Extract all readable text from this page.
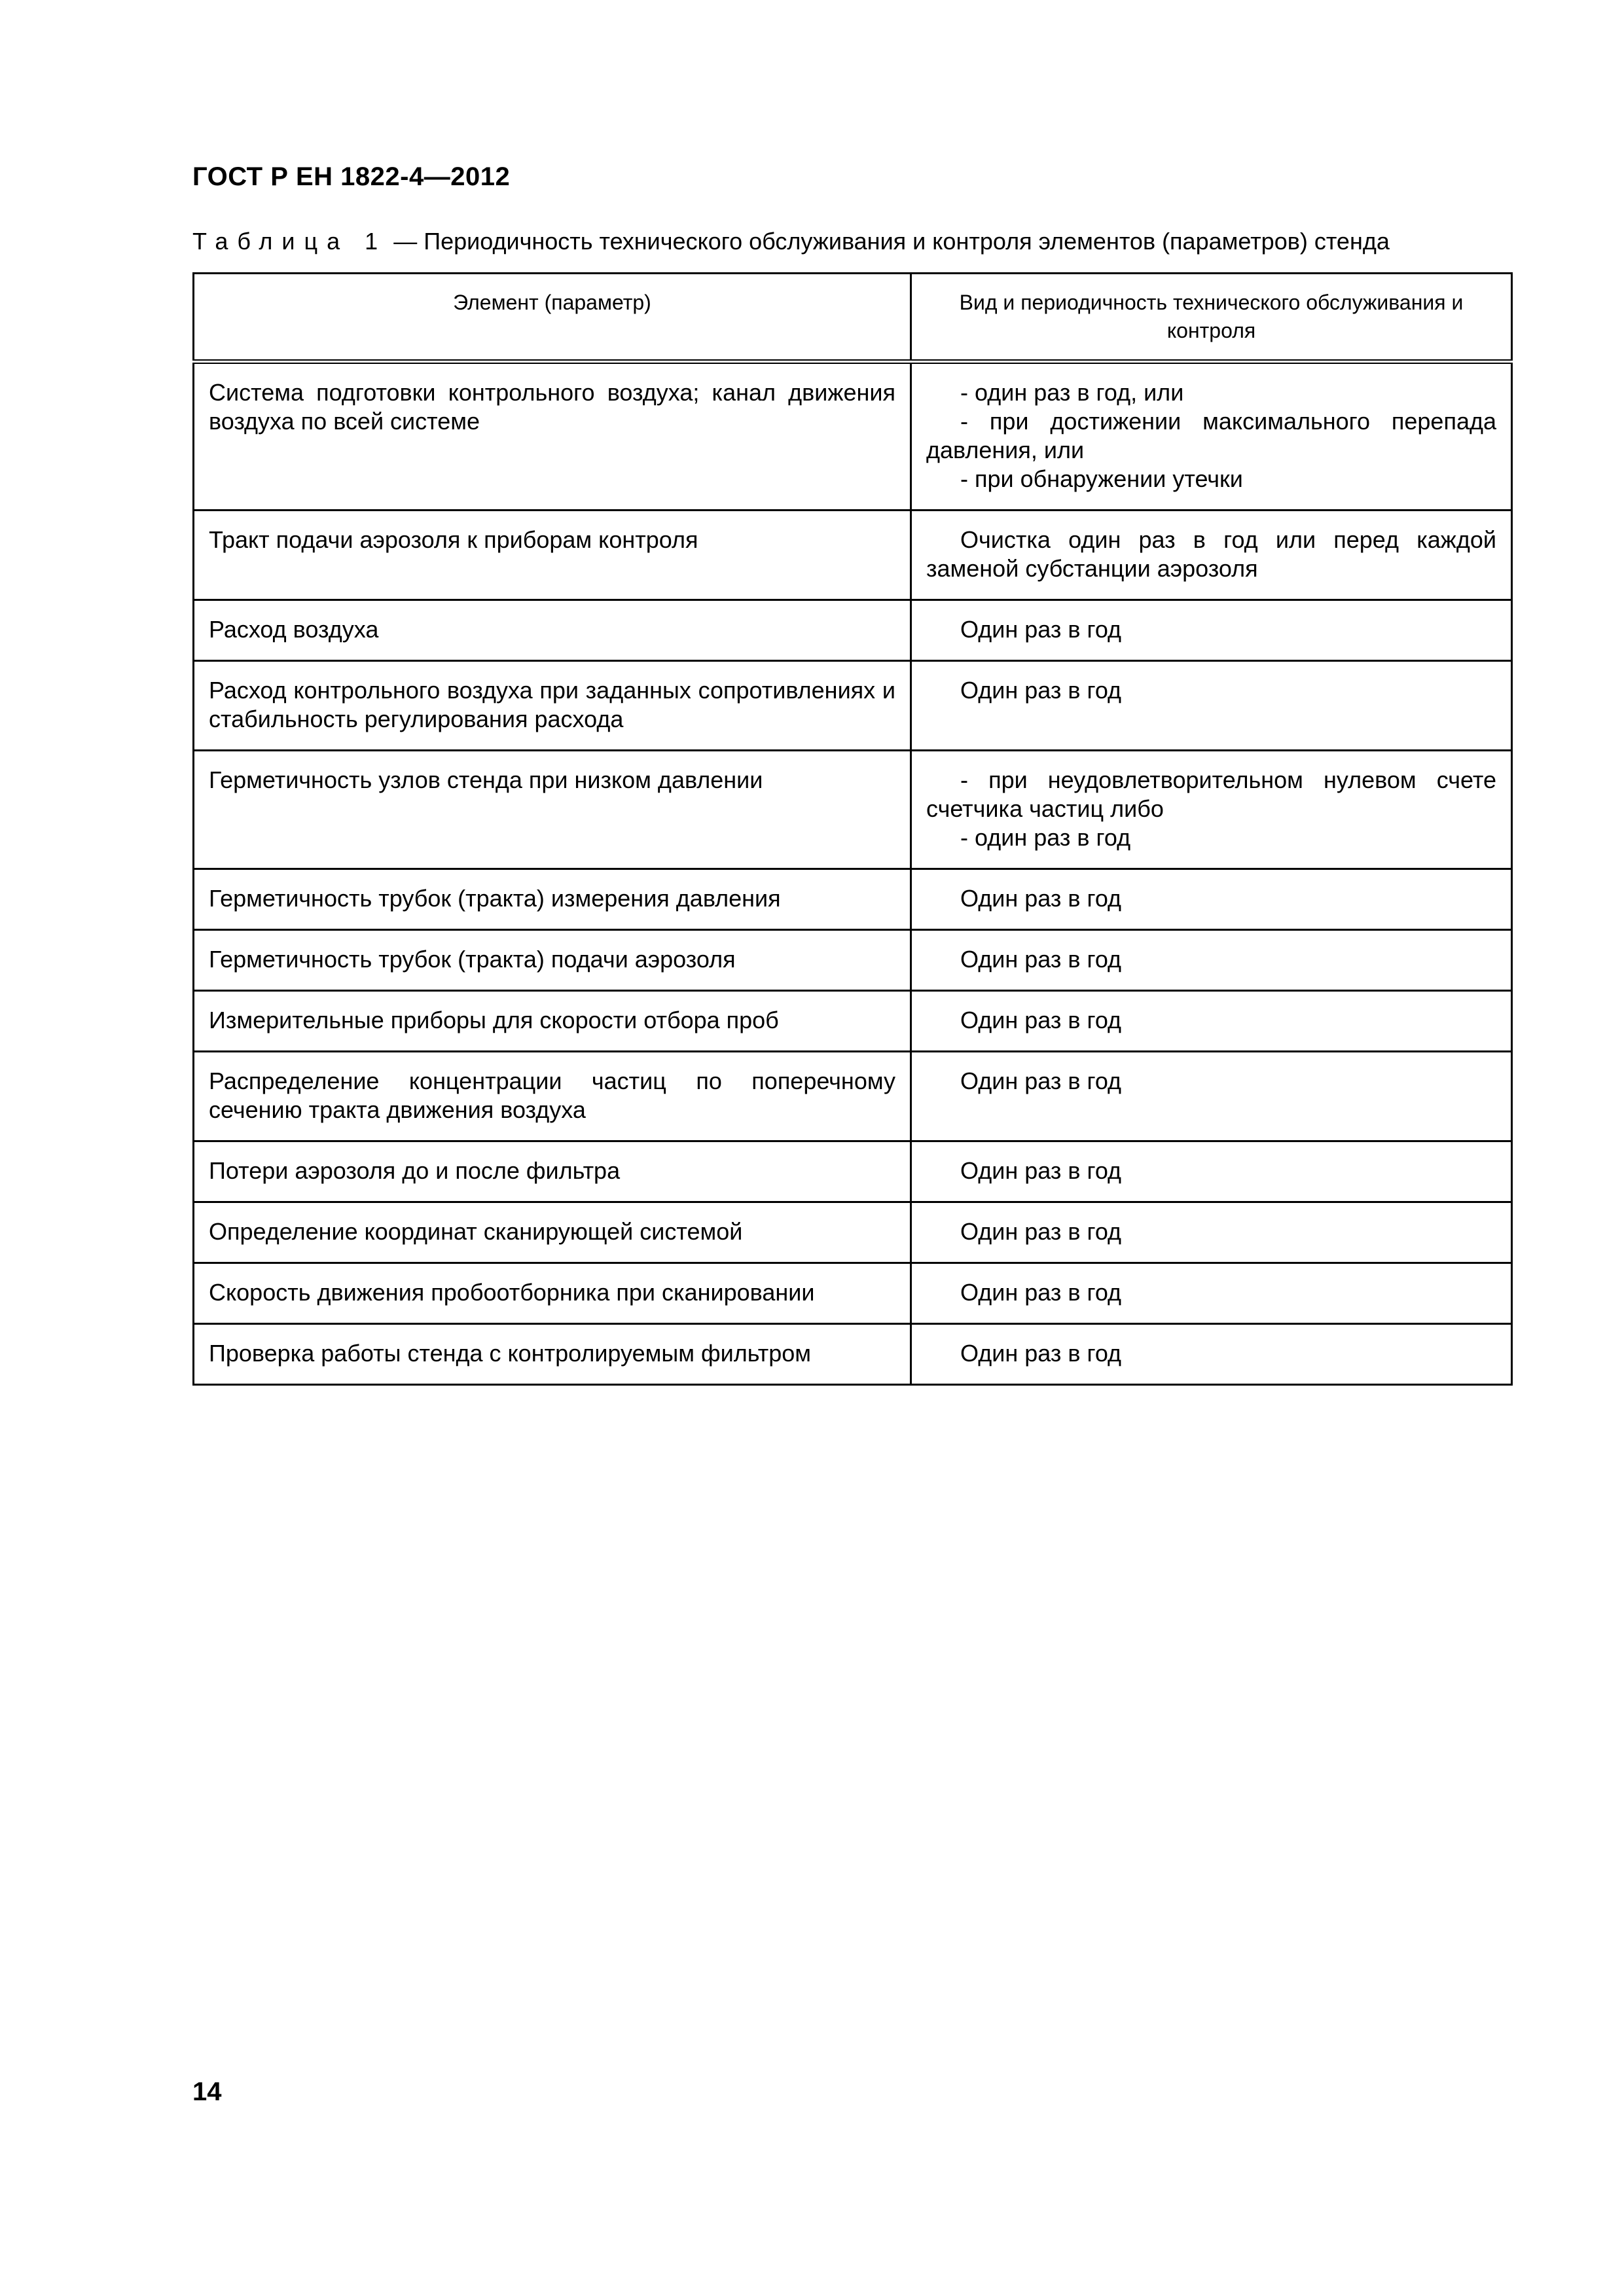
ГОСТ Р ЕН 1822-4—2012

Таблица 1 — Периодичность технического обслуживания и контроля элементов (параметров) стенда

Элемент (параметр)	Вид и периодичность технического обслуживания и контроля
Система подготовки контрольного воздуха; канал движения воздуха по всей системе	- один раз в год, или
- при достижении максимального перепада давления, или
- при обнаружении утечки

Тракт подачи аэрозоля к приборам контроля	Очистка один раз в год или перед каждой заменой субстанции аэрозоля

Расход воздуха	Один раз в год

Расход контрольного воздуха при заданных сопротивлениях и стабильность регулирования расхода	Один раз в год

Герметичность узлов стенда при низком давлении	- при неудовлетворительном нулевом счете счетчика частиц либо
- один раз в год

Герметичность трубок (тракта) измерения давления	Один раз в год

Герметичность трубок (тракта) подачи аэрозоля	Один раз в год

Измерительные приборы для скорости отбора проб	Один раз в год

Распределение концентрации частиц по поперечному сечению тракта движения воздуха	Один раз в год

Потери аэрозоля до и после фильтра	Один раз в год

Определение координат сканирующей системой	Один раз в год

Скорость движения пробоотборника при сканировании	Один раз в год

Проверка работы стенда с контролируемым фильтром	Один раз в год

14
